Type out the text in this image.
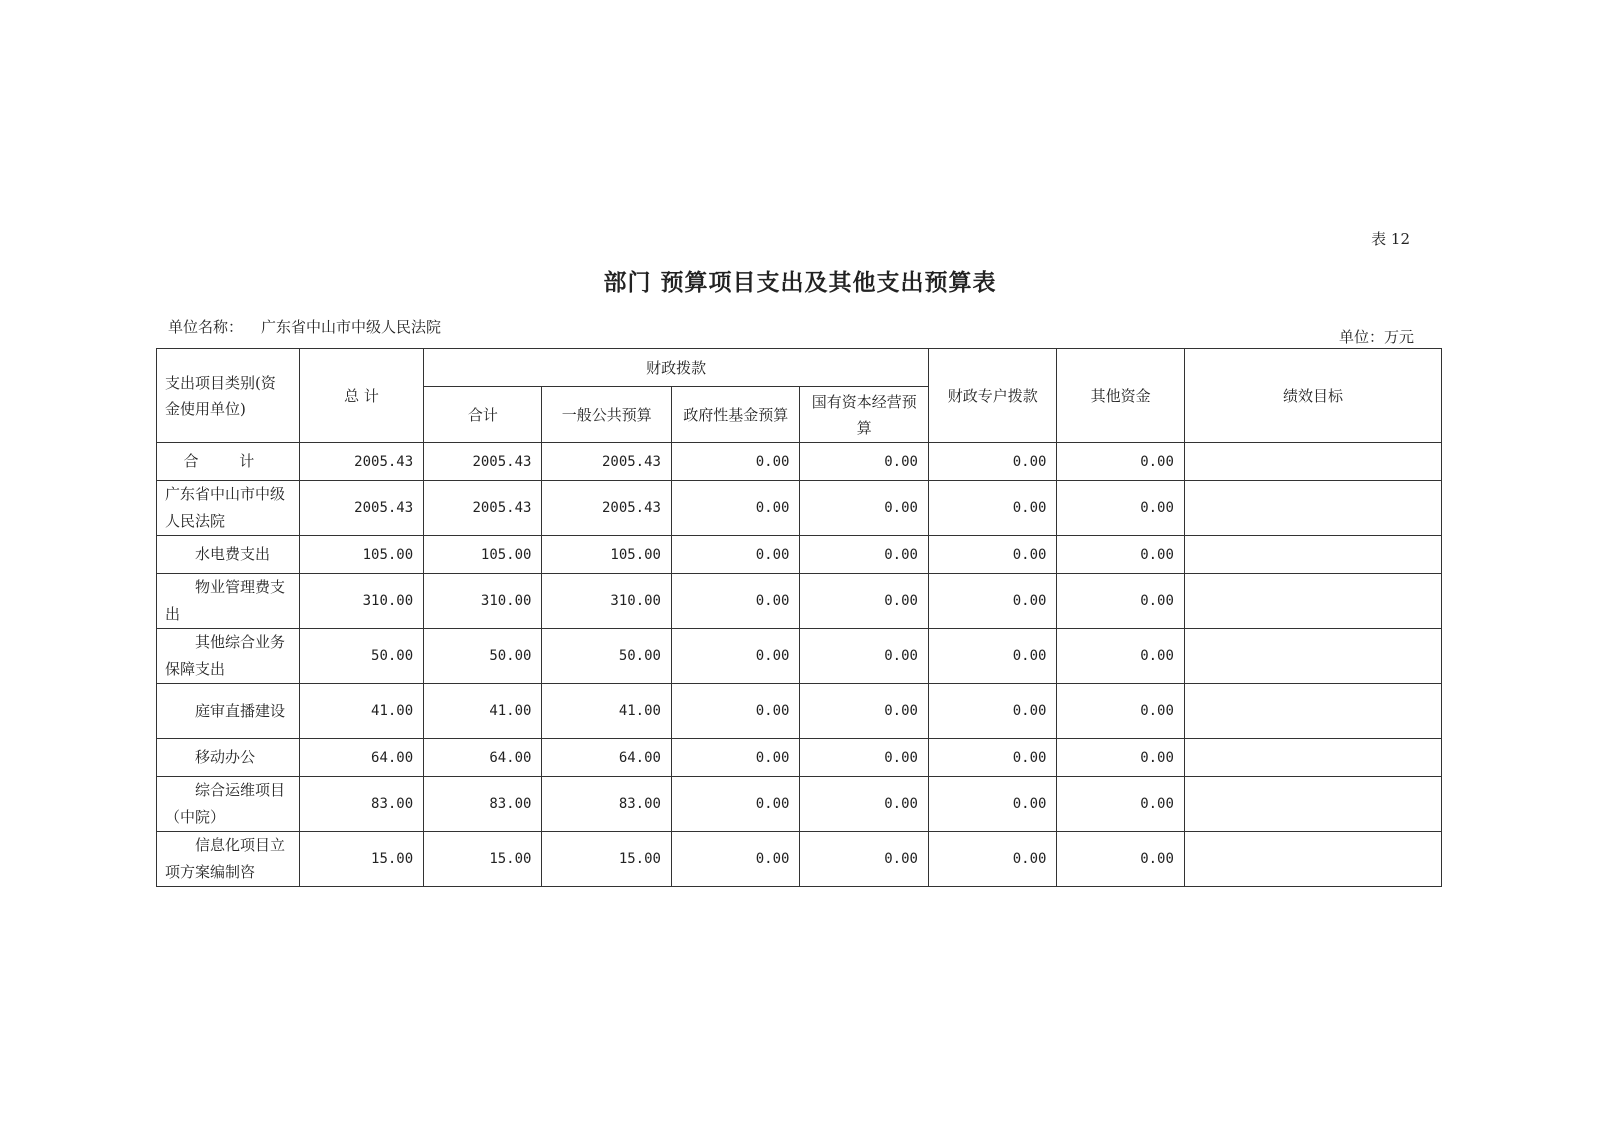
表 12
部门 预算项目支出及其他支出预算表
单位名称： 广东省中山市中级人民法院
单位：万元
支出项目类别(资金使用单位)	总 计	财政拨款				财政专户拨款	其他资金	绩效目标
		合计	一般公共预算	政府性基金预算	国有资本经营预算			
合 计	2005.43	2005.43	2005.43	0.00	0.00	0.00	0.00	
广东省中山市中级人民法院	2005.43	2005.43	2005.43	0.00	0.00	0.00	0.00	
水电费支出	105.00	105.00	105.00	0.00	0.00	0.00	0.00	
物业管理费支出	310.00	310.00	310.00	0.00	0.00	0.00	0.00	
其他综合业务保障支出	50.00	50.00	50.00	0.00	0.00	0.00	0.00	
庭审直播建设	41.00	41.00	41.00	0.00	0.00	0.00	0.00	
移动办公	64.00	64.00	64.00	0.00	0.00	0.00	0.00	
综合运维项目（中院）	83.00	83.00	83.00	0.00	0.00	0.00	0.00	
信息化项目立项方案编制咨	15.00	15.00	15.00	0.00	0.00	0.00	0.00	
